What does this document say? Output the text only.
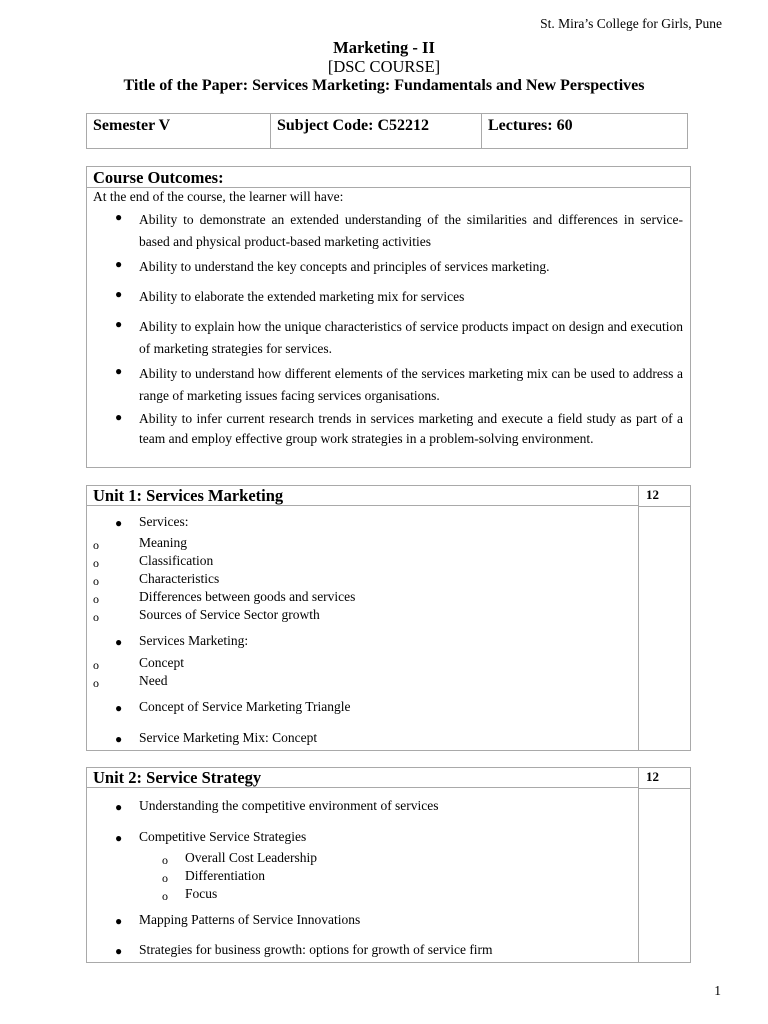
St. Mira’s College for Girls, Pune
Marketing - II
[DSC COURSE]
Title of the Paper: Services Marketing: Fundamentals and New Perspectives
Semester V	Subject Code: C52212	Lectures: 60
Course Outcomes:
At the end of the course, the learner will have:
● Ability to demonstrate an extended understanding of the similarities and differences in service-based and physical product-based marketing activities
● Ability to understand the key concepts and principles of services marketing.
● Ability to elaborate the extended marketing mix for services
● Ability to explain how the unique characteristics of service products impact on design and execution of marketing strategies for services.
● Ability to understand how different elements of the services marketing mix can be used to address a range of marketing issues facing services organisations.
● Ability to infer current research trends in services marketing and execute a field study as part of a team and employ effective group work strategies in a problem-solving environment.
Unit 1: Services Marketing	12
● Services:
o	Meaning
o	Classification
o	Characteristics
o	Differences between goods and services
o	Sources of Service Sector growth
● Services Marketing:
o	Concept
o	Need
● Concept of Service Marketing Triangle
● Service Marketing Mix: Concept
Unit 2: Service Strategy	12
● Understanding the competitive environment of services
● Competitive Service Strategies
o Overall Cost Leadership
o Differentiation
o Focus
● Mapping Patterns of Service Innovations
● Strategies for business growth: options for growth of service firm
1
